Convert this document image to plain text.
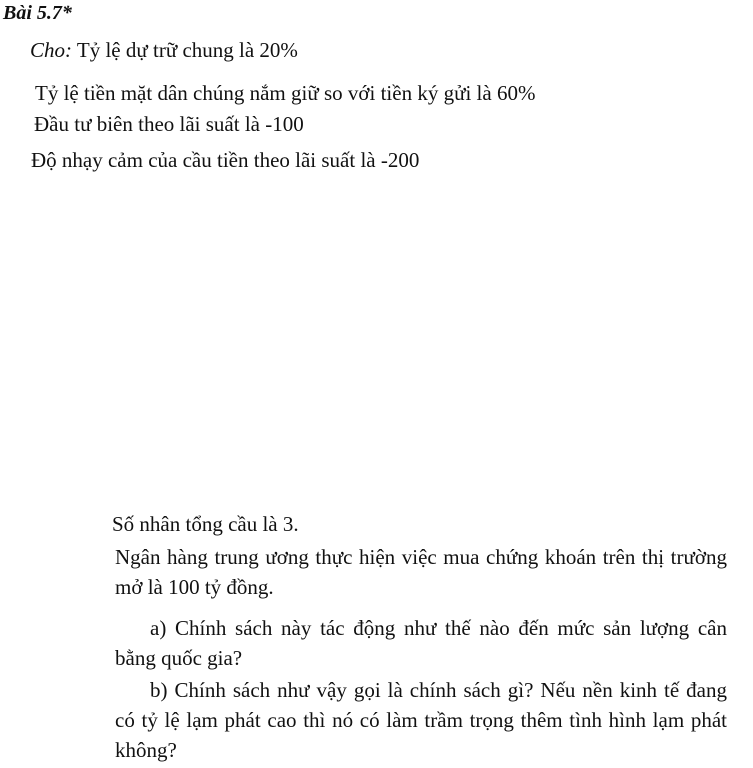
Bài 5.7*
Cho: Tỷ lệ dự trữ chung là 20%
Tỷ lệ tiền mặt dân chúng nắm giữ so với tiền ký gửi là 60%
Đầu tư biên theo lãi suất là -100
Độ nhạy cảm của cầu tiền theo lãi suất là -200
Số nhân tổng cầu là 3.
Ngân hàng trung ương thực hiện việc mua chứng khoán trên thị trường mở là 100 tỷ đồng.
a) Chính sách này tác động như thế nào đến mức sản lượng cân bằng quốc gia?
b) Chính sách như vậy gọi là chính sách gì? Nếu nền kinh tế đang có tỷ lệ lạm phát cao thì nó có làm trầm trọng thêm tình hình lạm phát không?
